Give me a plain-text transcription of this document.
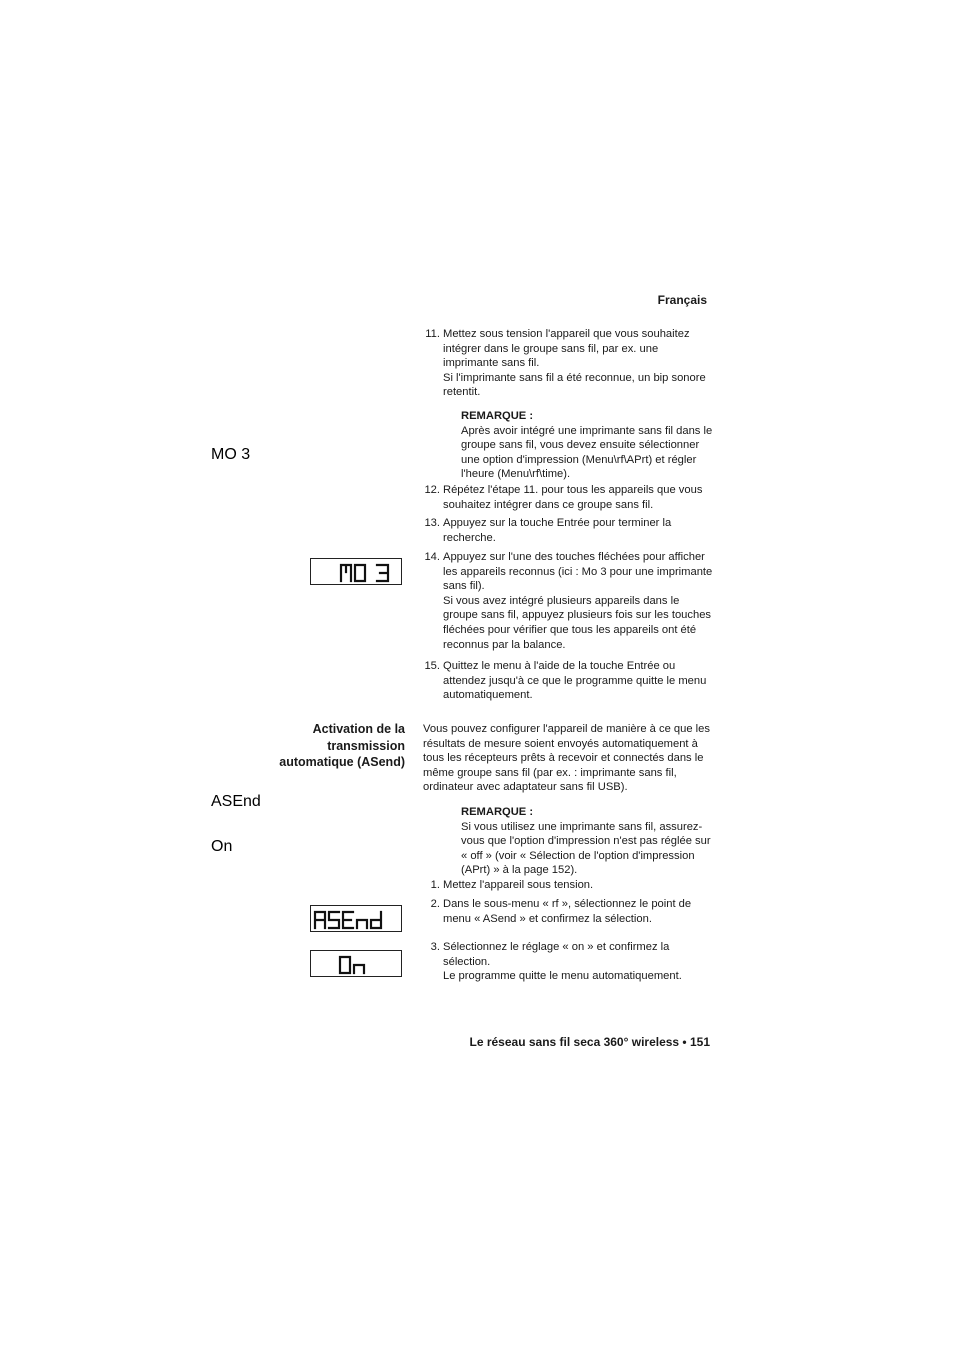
Français
11. Mettez sous tension l'appareil que vous souhaitez intégrer dans le groupe sans fil, par ex. une imprimante sans fil.

Si l'imprimante sans fil a été reconnue, un bip sonore retentit.

REMARQUE :
Après avoir intégré une imprimante sans fil dans le groupe sans fil, vous devez ensuite sélectionner une option d'impression (Menu\rf\APrt) et régler l'heure (Menu\rf\time).
12. Répétez l'étape 11. pour tous les appareils que vous souhaitez intégrer dans ce groupe sans fil.

13. Appuyez sur la touche Entrée pour terminer la recherche.

14. Appuyez sur l'une des touches fléchées pour afficher les appareils reconnus (ici : Mo 3 pour une imprimante sans fil).

Si vous avez intégré plusieurs appareils dans le groupe sans fil, appuyez plusieurs fois sur les touches fléchées pour vérifier que tous les appareils ont été reconnus par la balance.

15. Quittez le menu à l'aide de la touche Entrée ou attendez jusqu'à ce que le programme quitte le menu automatiquement.

MO 3
Activation de la transmission automatique (ASend)
Vous pouvez configurer l'appareil de manière à ce que les résultats de mesure soient envoyés automatiquement à tous les récepteurs prêts à recevoir et connectés dans le même groupe sans fil (par ex. : imprimante sans fil, ordinateur avec adaptateur sans fil USB).
REMARQUE :
Si vous utilisez une imprimante sans fil, assurez-vous que l'option d'impression n'est pas réglée sur « off » (voir « Sélection de l'option d'impression (APrt) » à la page 152).
1. Mettez l'appareil sous tension.

2. Dans le sous-menu « rf », sélectionnez le point de menu « ASend » et confirmez la sélection.

3. Sélectionnez le réglage « on » et confirmez la sélection.

Le programme quitte le menu automatiquement.

ASEnd
On
Le réseau sans fil seca 360° wireless • 151
